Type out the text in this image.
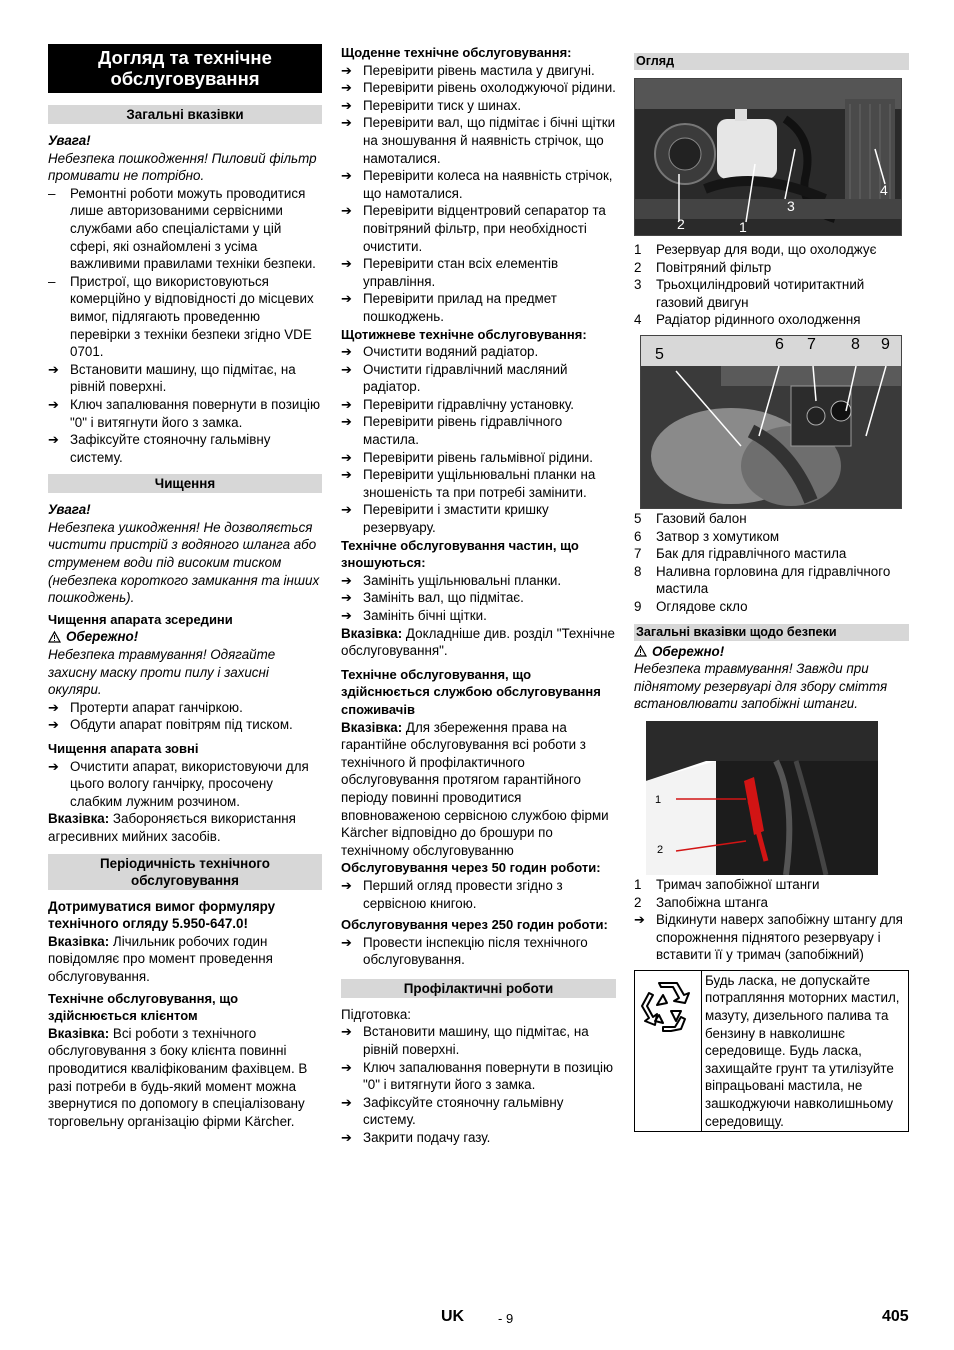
Догляд та технічне обслуговування
Загальні вказівки

Увага!

Небезпека пошкодження! Пиловий фільтр промивати не потрібно.

– Ремонтні роботи можуть проводитися лише авторизованими сервісними службами або спеціалістами у цій сфері, які ознайомлені з усіма важливими правилами техніки безпеки.
– Пристрої, що використовуються комерційно у відповідності до місцевих вимог, підлягають проведенню перевірки з техніки безпеки згідно VDE 0701.
➔ Встановити машину, що підмітає, на рівній поверхні.
➔ Ключ запалювання повернути в позицію "0" і витягнути його з замка.
➔ Зафіксуйте стояночну гальмівну систему.
Чищення

Увага!

Небезпека ушкодження! Не дозволяється чистити пристрій з водяного шланга або струменем води під високим тиском (небезпека короткого замикання та інших пошкоджень).

Чищення апарата зсередини

Обережно!

Небезпека травмування! Одягайте захисну маску проти пилу і захисні окуляри.

➔ Протерти апарат ганчіркою.
➔ Обдути апарат повітрям під тиском.

Чищення апарата зовні

➔ Очистити апарат, використовуючи для цього вологу ганчірку, просочену слабким лужним розчином.

Вказівка: Забороняється використання агресивних мийних засобів.

Періодичність технічного обслуговування

Дотримуватися вимог формуляру технічного огляду 5.950-647.0!

Вказівка: Лічильник робочих годин повідомляє про момент проведення обслуговування.

Технічне обслуговування, що здійснюється клієнтом

Вказівка: Всі роботи з технічного обслуговування з боку клієнта повинні проводитися кваліфікованим фахівцем. В разі потреби в будь-який момент можна звернутися по допомогу в спеціалізовану торговельну організацію фірми Kärcher.

Щоденне технічне обслуговування:

➔ Перевірити рівень мастила у двигуні.
➔ Перевірити рівень охолоджуючої рідини.
➔ Перевірити тиск у шинах.
➔ Перевірити вал, що підмітає і бічні щітки на зношування й наявність стрічок, що намоталися.
➔ Перевірити колеса на наявність стрічок, що намоталися.
➔ Перевірити відцентровий сепаратор та повітряний фільтр, при необхідності очистити.
➔ Перевірити стан всіх елементів управління.
➔ Перевірити прилад на предмет пошкоджень.

Щотижневе технічне обслуговування:

➔ Очистити водяний радіатор.
➔ Очистити гідравлічний масляний радіатор.
➔ Перевірити гідравлічну установку.
➔ Перевірити рівень гідравлічного мастила.
➔ Перевірити рівень гальмівної рідини.
➔ Перевірити ущільнювальні планки на зношеність та при потребі замінити.
➔ Перевірити і змастити кришку резервуару.

Технічне обслуговування частин, що зношуються:

➔ Замініть ущільнювальні планки.
➔ Замініть вал, що підмітає.
➔ Замініть бічні щітки.

Вказівка: Докладніше див. розділ "Технічне обслуговування".

Технічне обслуговування, що здійснюється службою обслуговування споживачів

Вказівка: Для збереження права на гарантійне обслуговування всі роботи з технічного й профілактичного обслуговування протягом гарантійного періоду повинні проводитися вповноваженою сервісною службою фірми Kärcher відповідно до брошури по технічному обслуговуванню

Обслуговування через 50 годин роботи:

➔ Перший огляд провести згідно з сервісною книгою.

Обслуговування через 250 годин роботи:

➔ Провести інспекцію після технічного обслуговування.
Профілактичні роботи

Підготовка:

➔ Встановити машину, що підмітає, на рівній поверхні.
➔ Ключ запалювання повернути в позицію "0" і витягнути його з замка.
➔ Зафіксуйте стояночну гальмівну систему.
➔ Закрити подачу газу.
Огляд
1
2
3
4
1	Резервуар для води, що охолоджує
2	Повітряний фільтр
3	Трьохциліндровий чотиритактний газовий двигун
4	Радіатор рідинного охолодження
5
6 7 8 9
5	Газовий балон
6	Затвор з хомутиком
7	Бак для гідравлічного мастила
8	Наливна горловина для гідравлічного мастила
9	Оглядове скло
Загальні вказівки щодо безпеки
Обережно!

Небезпека травмування! Завжди при піднятому резервуарі для збору сміття встановлювати запобіжні штанги.

1
2
1	Тримач запобіжної штанги
2	Запобіжна штанга
➔ Відкинути наверх запобіжну штангу для спорожнення піднятого резервуару і вставити її у тримач (запобіжний)
Будь ласка, не допускайте потрапляння моторних мастил, мазуту, дизельного палива та бензину в навколишнє середовище. Будь ласка, захищайте грунт та утилізуйте віпрацьовані мастила, не зашкоджуючи навколишньому середовищу.
UK	- 9	405
